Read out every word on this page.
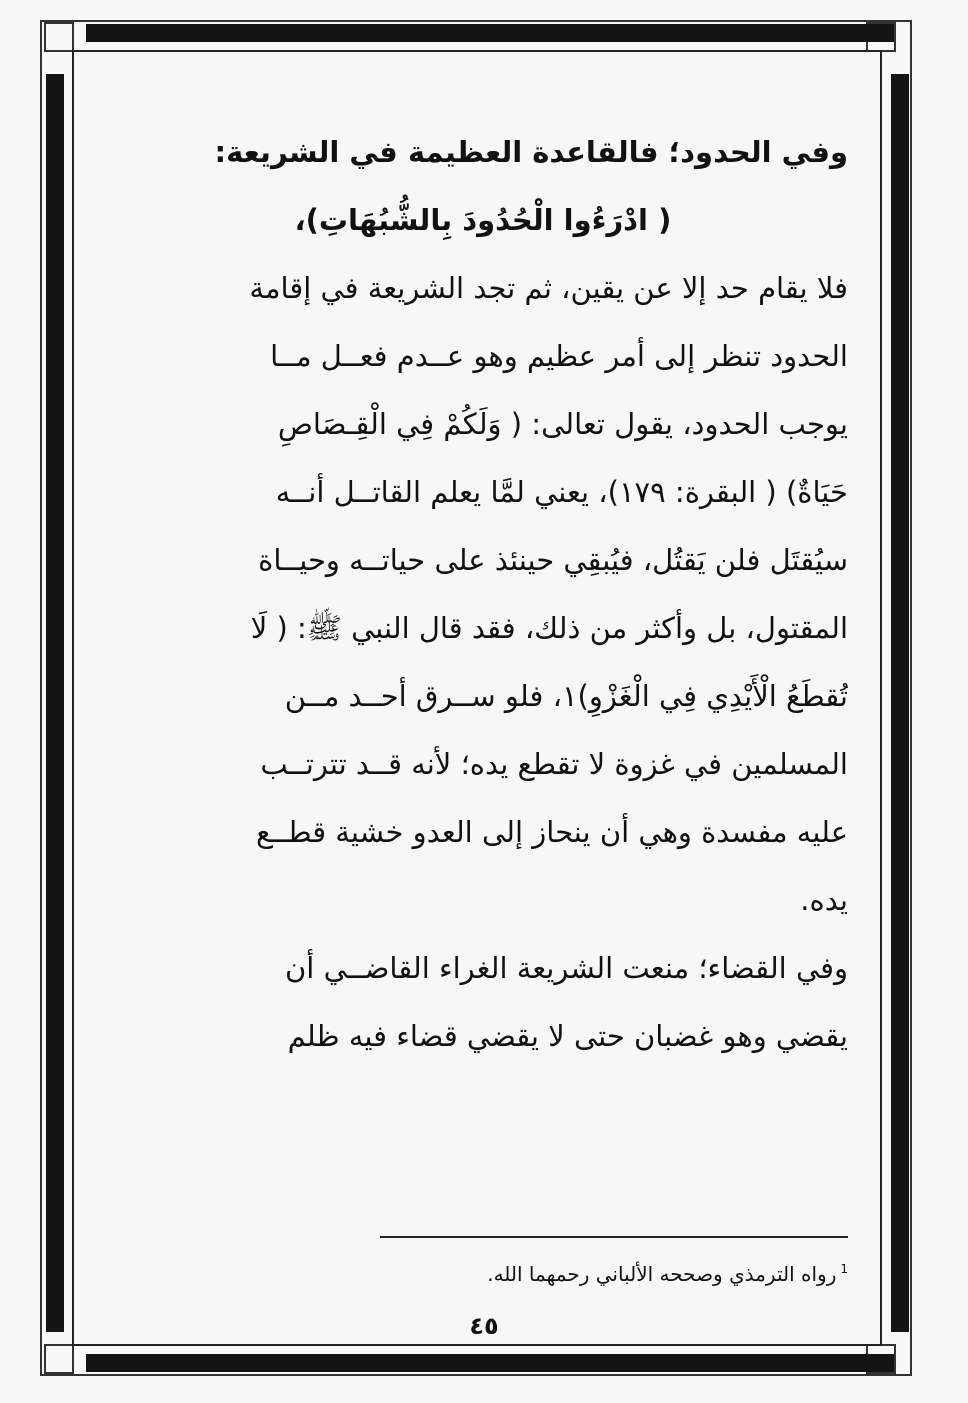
وفي الحدود؛ فالقاعدة العظيمة في الشريعة:

( ادْرَءُوا الْحُدُودَ بِالشُّبُهَاتِ)،

فلا يقام حد إلا عن يقين، ثم تجد الشريعة في إقامة

الحدود تنظر إلى أمر عظيم وهو عــدم فعــل مــا

يوجب الحدود، يقول تعالى: ( وَلَكُمْ فِي الْقِـصَاصِ

حَيَاةٌ) ( البقرة: ١٧٩)، يعني لمَّا يعلم القاتــل أنــه

سيُقتَل فلن يَقتُل، فيُبقِي حينئذ على حياتــه وحيــاة

المقتول، بل وأكثر من ذلك، فقد قال النبي ﷺ: ( لَا

تُقطَعُ الْأَيْدِي فِي الْغَزْوِ)١، فلو ســرق أحــد مــن

المسلمين في غزوة لا تقطع يده؛ لأنه قــد تترتــب

عليه مفسدة وهي أن ينحاز إلى العدو خشية قطــع

يده.

وفي القضاء؛ منعت الشريعة الغراء القاضــي أن

يقضي وهو غضبان حتى لا يقضي قضاء فيه ظلم

$^1$رواه الترمذي وصححه الألباني رحمهما الله.
٤٥
